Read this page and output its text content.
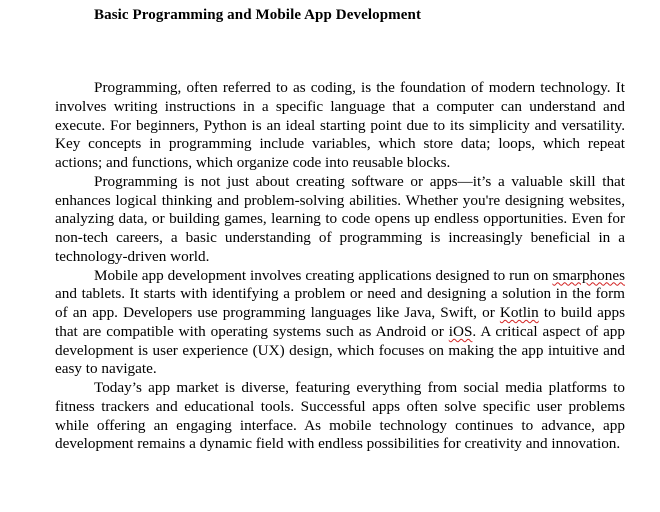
Basic Programming and Mobile App Development

Programming, often referred to as coding, is the foundation of modern technology. It involves writing instructions in a specific language that a computer can understand and execute. For beginners, Python is an ideal starting point due to its simplicity and versatility. Key concepts in programming include variables, which store data; loops, which repeat actions; and functions, which organize code into reusable blocks.

Programming is not just about creating software or apps—it’s a valuable skill that enhances logical thinking and problem-solving abilities. Whether you're designing websites, analyzing data, or building games, learning to code opens up endless opportunities. Even for non-tech careers, a basic understanding of programming is increasingly beneficial in a technology-driven world.

Mobile app development involves creating applications designed to run on smarphones and tablets. It starts with identifying a problem or need and designing a solution in the form of an app. Developers use programming languages like Java, Swift, or Kotlin to build apps that are compatible with operating systems such as Android or iOS. A critical aspect of app development is user experience (UX) design, which focuses on making the app intuitive and easy to navigate.

Today’s app market is diverse, featuring everything from social media platforms to fitness trackers and educational tools. Successful apps often solve specific user problems while offering an engaging interface. As mobile technology continues to advance, app development remains a dynamic field with endless possibilities for creativity and innovation.
